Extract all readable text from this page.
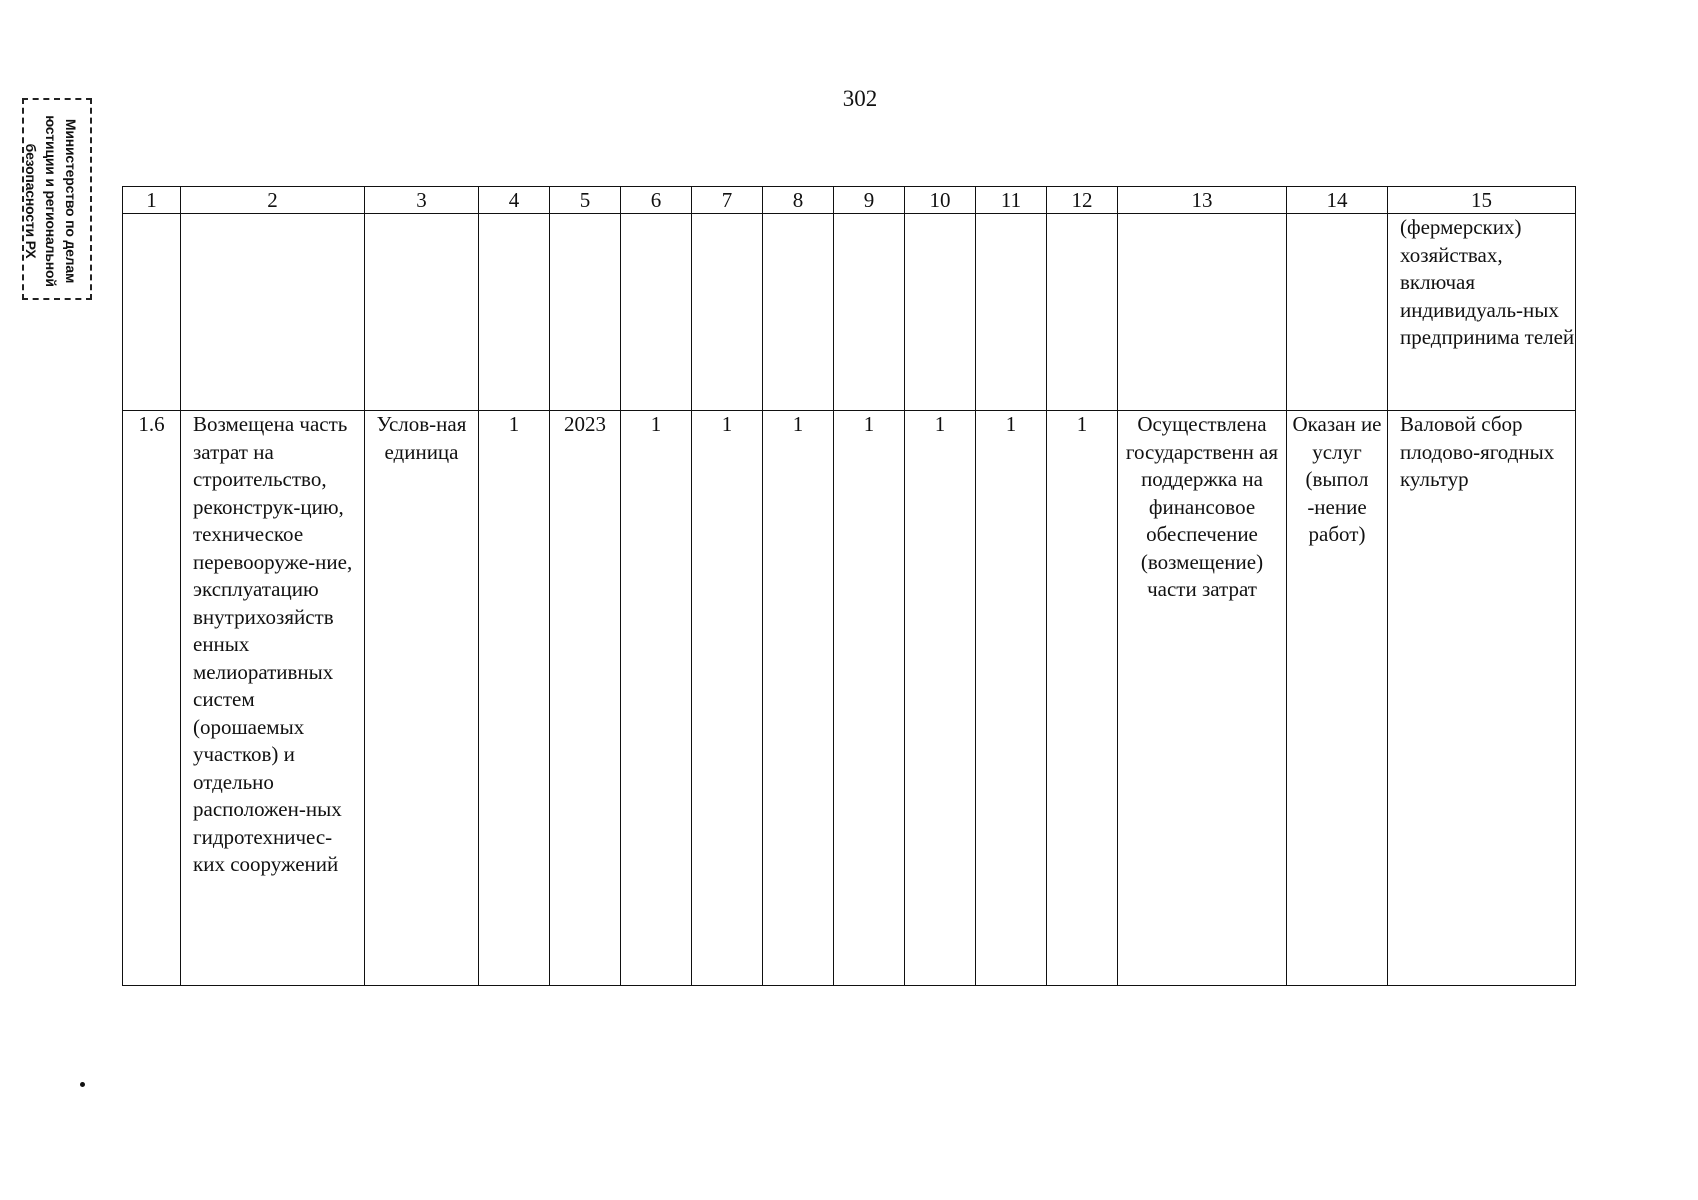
302
Министерство по делам
юстиции и региональной
безопасности РХ	1	2	3	4	5	6	7	8	9	10	11	12	13	14	15

														(фермерских) хозяйствах, включая индивидуаль-ных предпринима телей

1.6	Возмещена часть затрат на строительство, реконструк-цию, техническое перевооруже-ние, эксплуатацию внутрихозяйств енных мелиоративных систем (орошаемых участков) и отдельно расположен-ных гидротехничес-ких сооружений	Услов-ная единица	1	2023	1	1	1	1	1	1	1	Осуществлена государственн ая поддержка на финансовое обеспечение (возмещение) части затрат	Оказан ие услуг (выпол -нение работ)	Валовой сбор плодово-ягодных культур
